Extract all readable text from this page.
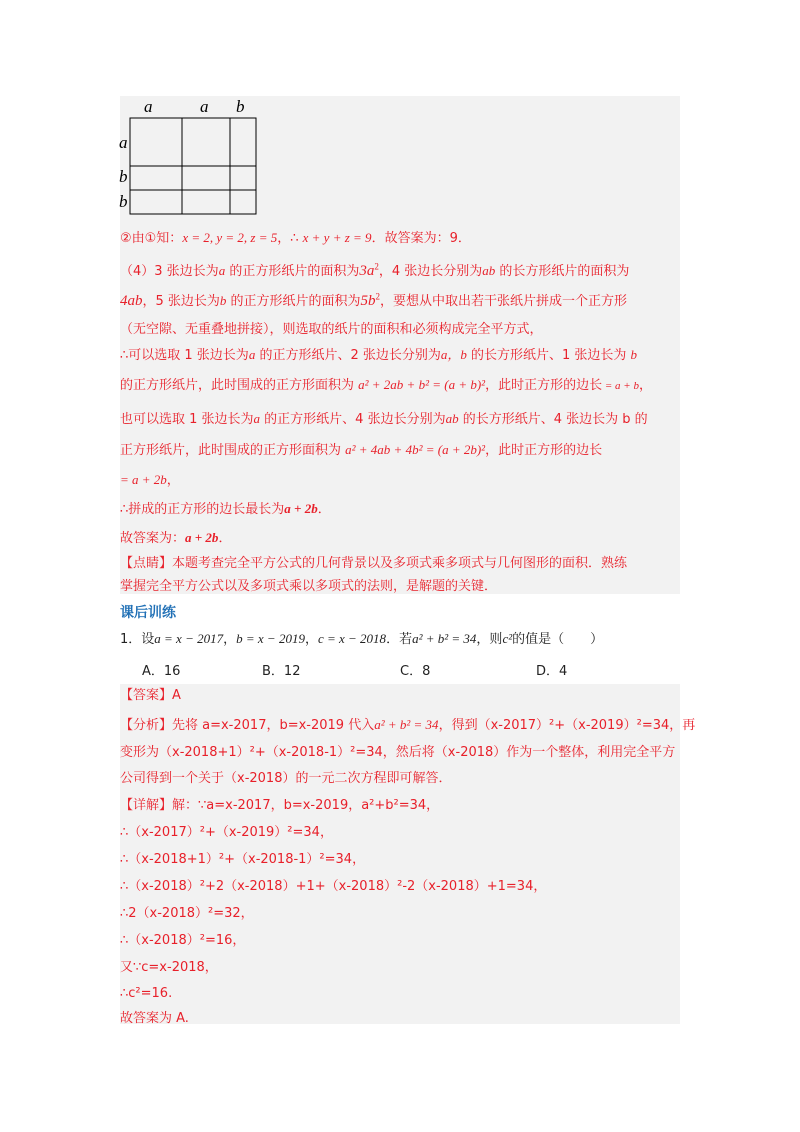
a	a b
a
b
b
②由①知：x = 2, y = 2, z = 5，∴ x + y + z = 9．故答案为：9．
（4）3 张边长为a 的正方形纸片的面积为$3a^2$，4 张边长分别为ab 的长方形纸片的面积为
4ab，5 张边长为b 的正方形纸片的面积为$5b^2$，要想从中取出若干张纸片拼成一个正方形
（无空隙、无重叠地拼接），则选取的纸片的面积和必须构成完全平方式，
∴可以选取 1 张边长为a 的正方形纸片、2 张边长分别为a，b 的长方形纸片、1 张边长为 b
的正方形纸片，此时围成的正方形面积为 a² + 2ab + b² = (a + b)²，此时正方形的边长 = a + b，
也可以选取 1 张边长为a 的正方形纸片、4 张边长分别为ab 的长方形纸片、4 张边长为 b 的
正方形纸片，此时围成的正方形面积为 a² + 4ab + 4b² = (a + 2b)²，此时正方形的边长
= a + 2b，
∴拼成的正方形的边长最长为a + 2b．
故答案为：a + 2b．
【点睛】本题考查完全平方公式的几何背景以及多项式乘多项式与几何图形的面积．熟练
掌握完全平方公式以及多项式乘以多项式的法则，是解题的关键．
课后训练
1．设a = x − 2017，b = x − 2019，c = x − 2018．若a² + b² = 34，则c²的值是（　　）
A．16	B．12	C．8	D．4
【答案】A
【分析】先将 a=x-2017，b=x-2019 代入a² + b² = 34，得到（x-2017）²+（x-2019）²=34，再
变形为（x-2018+1）²+（x-2018-1）²=34，然后将（x-2018）作为一个整体，利用完全平方
公司得到一个关于（x-2018）的一元二次方程即可解答．
【详解】解：∵a=x-2017，b=x-2019，a²+b²=34，
∴（x-2017）²+（x-2019）²=34，
∴（x-2018+1）²+（x-2018-1）²=34，
∴（x-2018）²+2（x-2018）+1+（x-2018）²-2（x-2018）+1=34，
∴2（x-2018）²=32，
∴（x-2018）²=16，
又∵c=x-2018，
∴c²=16.
故答案为 A.
